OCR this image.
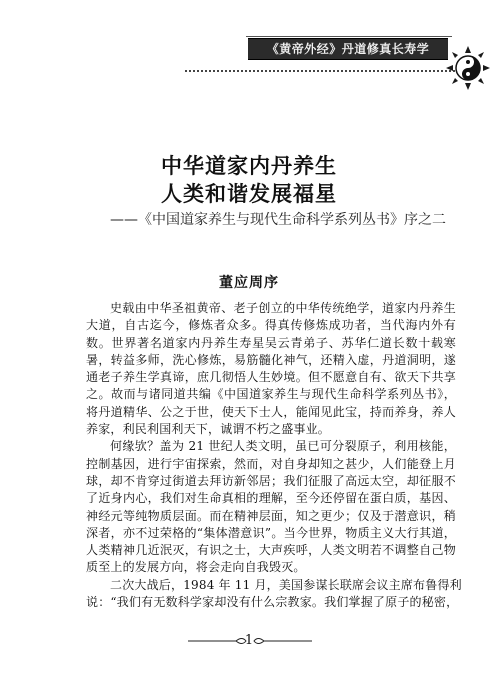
《黄帝外经》丹道修真长寿学
中华道家内丹养生
人类和谐发展福星
——《中国道家养生与现代生命科学系列丛书》序之二
董应周序
史载由中华圣祖黄帝、老子创立的中华传统绝学，道家内丹养生
大道，自古迄今，修炼者众多。得真传修炼成功者，当代海内外有
数。世界著名道家内丹养生寿星吴云青弟子、苏华仁道长数十载寒
暑，转益多师，洗心修炼，易筋髓化神气，还精入虚，丹道洞明，遂
通老子养生学真谛，庶几彻悟人生妙境。但不愿意自有、欲天下共享
之。故而与诸同道共编《中国道家养生与现代生命科学系列丛书》，
将丹道精华、公之于世，使天下士人，能闻见此宝，持而养身，养人
养家，利民利国利天下，诚谓不朽之盛事业。
何缘欤？盖为 21 世纪人类文明，虽已可分裂原子，利用核能，
控制基因，进行宇宙探索，然而，对自身却知之甚少，人们能登上月
球，却不肯穿过街道去拜访新邻居；我们征服了高远太空，却征服不
了近身内心，我们对生命真相的理解，至今还停留在蛋白质，基因、
神经元等纯物质层面。而在精神层面，知之更少；仅及于潜意识，稍
深者，亦不过荣格的“集体潜意识”。当今世界，物质主义大行其道，
人类精神几近泯灭，有识之士，大声疾呼，人类文明若不调整自己物
质至上的发展方向，将会走向自我毁灭。
二次大战后，1984 年 11 月，美国参谋长联席会议主席布鲁得利
说：“我们有无数科学家却没有什么宗教家。我们掌握了原子的秘密，
1
